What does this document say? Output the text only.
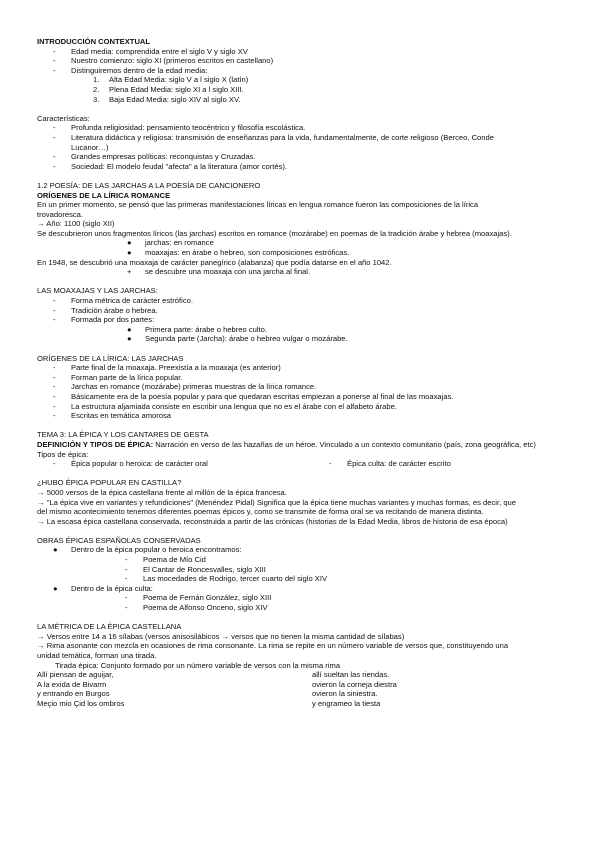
INTRODUCCIÓN CONTEXTUAL
- Edad media: comprendida entre el siglo V y siglo XV
- Nuestro comienzo: siglo XI (primeros escritos en castellano)
- Distinguiremos dentro de la edad media:
1. Alta Edad Media: siglo V a l siglo X (latín)
2. Plena Edad Media: siglo XI a l siglo XIII.
3. Baja Edad Media: siglo XIV al siglo XV.
Características:
- Profunda religiosidad: pensamiento teocéntrico y filosofía escolástica.
- Literatura didáctica y religiosa: transmisión de enseñanzas para la vida, fundamentalmente, de corte religioso (Berceo, Conde
Lucanor…)
- Grandes empresas políticas: reconquistas y Cruzadas.
- Sociedad: El modelo feudal "afecta" a la literatura (amor cortés).
1.2 POESÍA: DE LAS JARCHAS A LA POESÍA DE CANCIONERO
ORÍGENES DE LA LÍRICA ROMANCE
En un primer momento, se pensó que las primeras manifestaciones líricas en lengua romance fueron las composiciones de la lírica
trovadoresca.
→ Año: 1100 (siglo XII)
Se descubrieron unos fragmentos líricos (las jarchas) escritos en romance (mozárabe) en poemas de la tradición árabe y hebrea (moaxajas).
● jarchas: en romance
● moaxajas: en árabe o hebreo, son composiciones estróficas.
En 1948, se descubrió una moaxaja de carácter panegírico (alabanza) que podía datarse en el año 1042.
+ se descubre una moaxaja con una jarcha al final.
LAS MOAXAJAS Y LAS JARCHAS:
- Forma métrica de carácter estrófico.
- Tradición árabe o hebrea.
- Formada por dos partes:
● Primera parte: árabe o hebreo culto.
● Segunda parte (Jarcha): árabe o hebreo vulgar o mozárabe.
ORÍGENES DE LA LÍRICA: LAS JARCHAS
- Parte final de la moaxaja. Preexistía a la moaxaja (es anterior)
- Forman parte de la lírica popular.
- Jarchas en romance (mozárabe) primeras muestras de la lírica romance.
- Básicamente era de la poesía popular y para que quedaran escritas empiezan a ponerse al final de las moaxajas.
- La estructura aljamiada consiste en escribir una lengua que no es el árabe con el alfabeto árabe.
- Escritas en temática amorosa
TEMA 3: LA ÉPICA Y LOS CANTARES DE GESTA
DEFINICIÓN Y TIPOS DE ÉPICA: Narración en verso de las hazañas de un héroe. Vinculado a un contexto comunitario (país, zona geográfica, etc)
Tipos de épica:
- Épica popular o heroica: de carácter oral	- Épica culta: de carácter escrito
¿HUBO ÉPICA POPULAR EN CASTILLA?
→ 5000 versos de la épica castellana frente al millón de la épica francesa.
→ "La épica vive en variantes y refundiciones" (Menéndez Pidal) Significa que la épica tiene muchas variantes y muchas formas, es decir, que
del mismo acontecimiento tenemos diferentes poemas épicos y, como se transmite de forma oral se va recitando de manera distinta.
→ La escasa épica castellana conservada, reconstruida a partir de las crónicas (historias de la Edad Media, libros de historia de esa época)
OBRAS ÉPICAS ESPAÑOLAS CONSERVADAS
● Dentro de la épica popular o heroica encontramos:
- Poema de Mío Cid
- El Cantar de Roncesvalles, siglo XIII
- Las mocedades de Rodrigo, tercer cuarto del siglo XIV
● Dentro de la épica culta:
- Poema de Fernán González, siglo XIII
- Poema de Alfonso Onceno, siglo XIV
LA MÉTRICA DE LA ÉPICA CASTELLANA
→ Versos entre 14 a 16 sílabas (versos anisosilábicos → versos que no tienen la misma cantidad de sílabas)
→ Rima asonante con mezcla en ocasiones de rima consonante. La rima se repite en un número variable de versos que, constituyendo una
unidad temática, forman una tirada.
Tirada épica: Conjunto formado por un número variable de versos con la misma rima
Allí piensan de aguijar,	allí sueltan las riendas.
A la exida de Bivarm	ovieron la corneja diestra
y entrando en Burgos	ovieron la siniestra.
Meçio mio Çid los ombros	y engrameo la tiesta
